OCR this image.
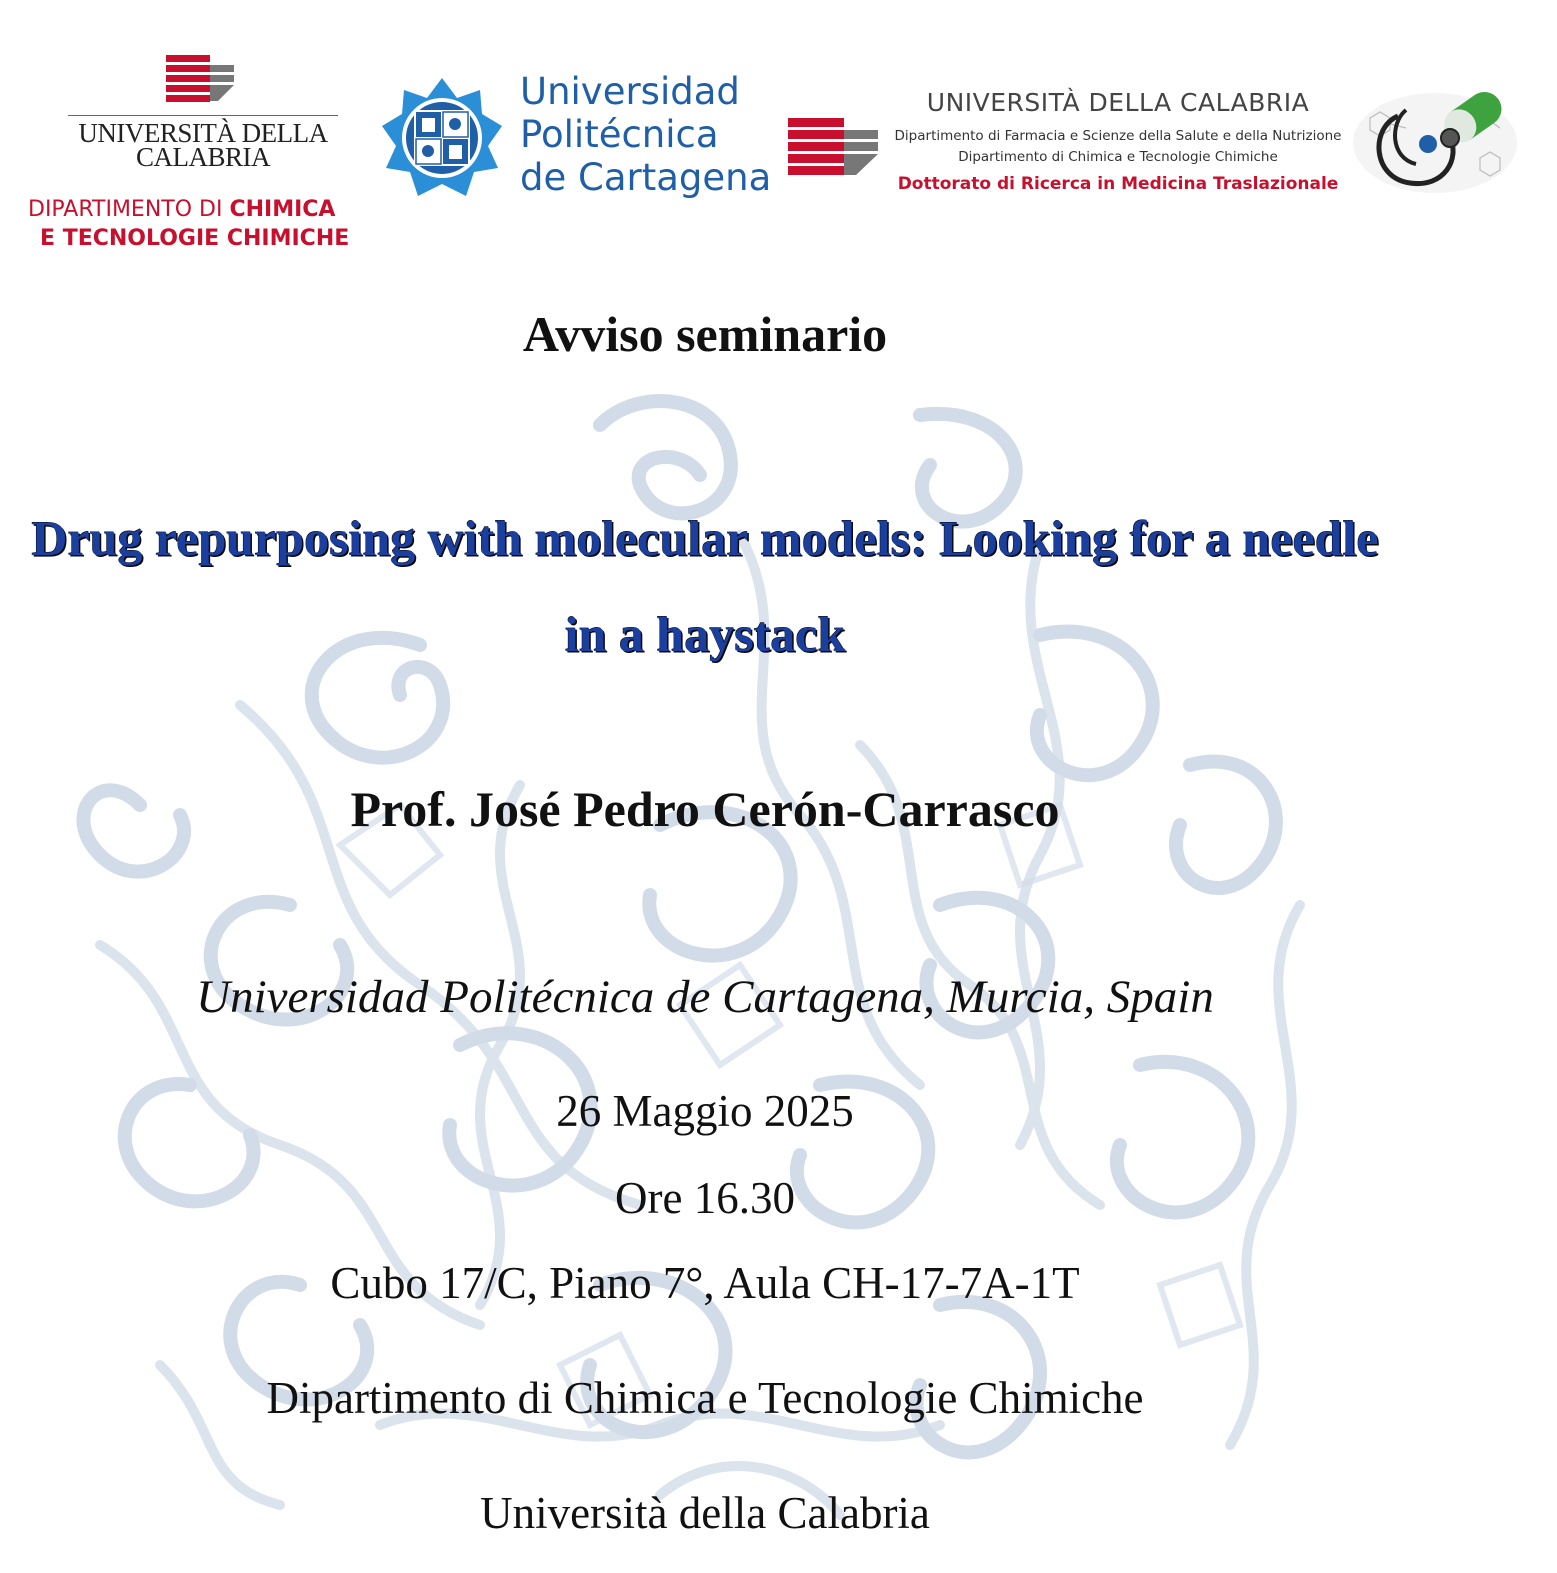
UNIVERSITÀ DELLA
CALABRIA
DIPARTIMENTO DI CHIMICA
E TECNOLOGIE CHIMICHE
Universidad
Politécnica
de Cartagena
UNIVERSITÀ DELLA CALABRIA
Dipartimento di Farmacia e Scienze della Salute e della Nutrizione
Dipartimento di Chimica e Tecnologie Chimiche
Dottorato di Ricerca in Medicina Traslazionale
Avviso seminario
Drug repurposing with molecular models: Looking for a needle in a haystack
Prof. José Pedro Cerón-Carrasco
Universidad Politécnica de Cartagena, Murcia, Spain
26 Maggio 2025
Ore 16.30
Cubo 17/C, Piano 7°, Aula CH-17-7A-1T
Dipartimento di Chimica e Tecnologie Chimiche
Università della Calabria
